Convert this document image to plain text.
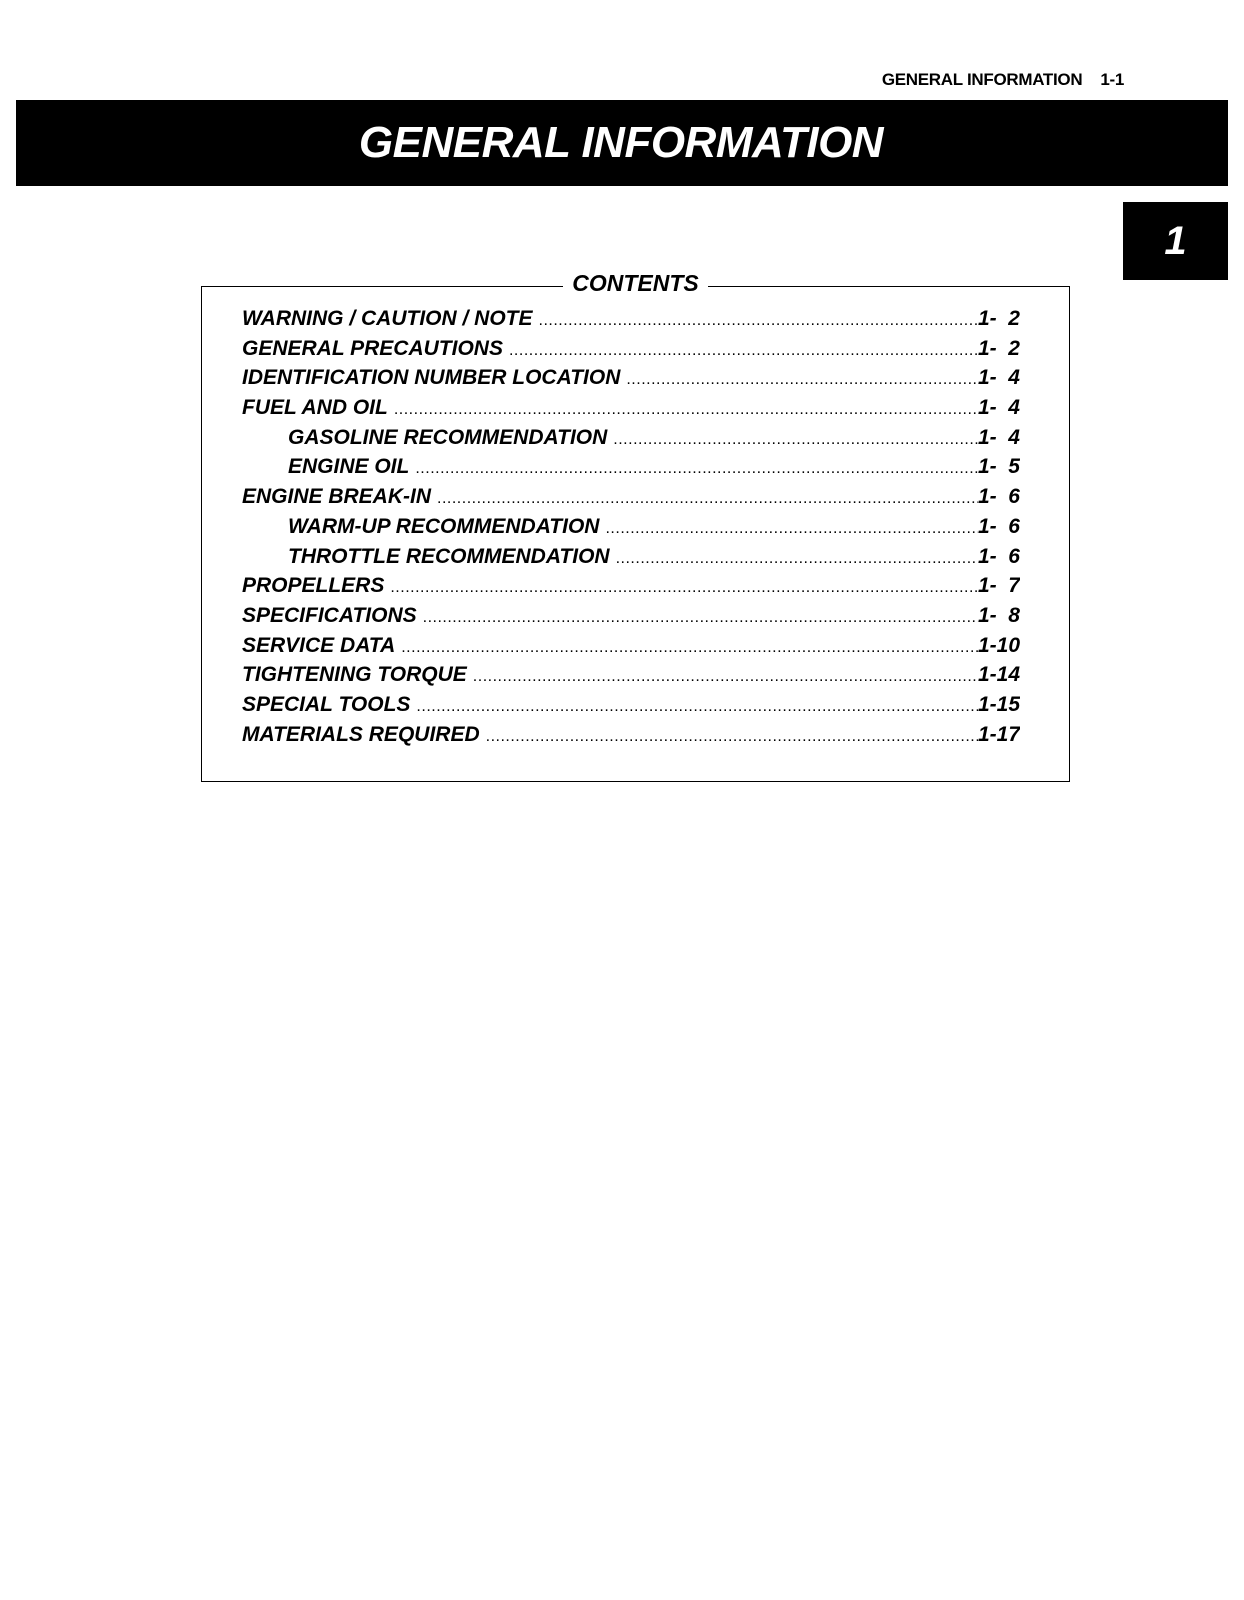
GENERAL INFORMATION 1-1
GENERAL INFORMATION
1
CONTENTS
WARNING / CAUTION / NOTE .....	1-  2
GENERAL PRECAUTIONS .....	1-  2
IDENTIFICATION NUMBER LOCATION .....	1-  4
FUEL AND OIL .....	1-  4
GASOLINE RECOMMENDATION .....	1-  4
ENGINE OIL .....	1-  5
ENGINE BREAK-IN .....	1-  6
WARM-UP RECOMMENDATION .....	1-  6
THROTTLE RECOMMENDATION .....	1-  6
PROPELLERS .....	1-  7
SPECIFICATIONS .....	1-  8
SERVICE DATA .....	1-10
TIGHTENING TORQUE .....	1-14
SPECIAL TOOLS .....	1-15
MATERIALS REQUIRED .....	1-17
